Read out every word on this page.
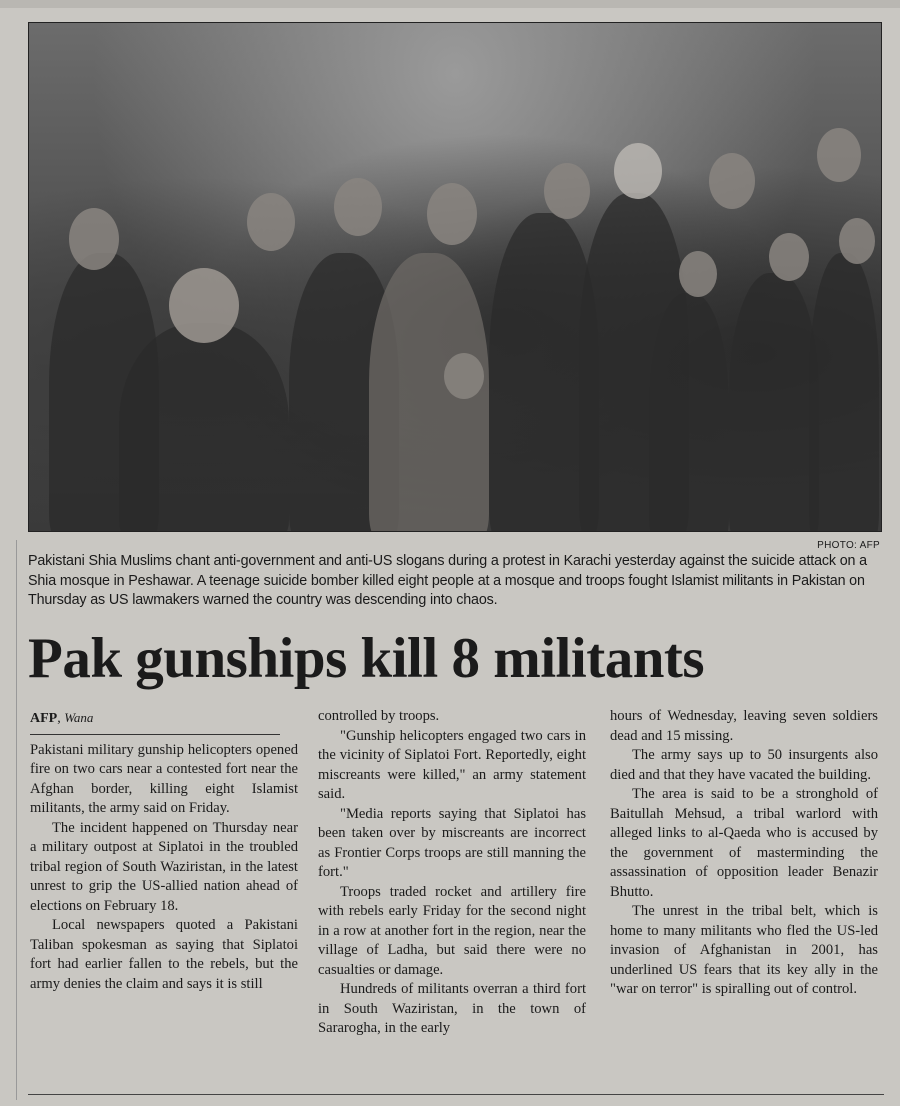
PHOTO: AFP
Pakistani Shia Muslims chant anti-government and anti-US slogans during a protest in Karachi yesterday against the suicide attack on a Shia mosque in Peshawar. A teenage suicide bomber killed eight people at a mosque and troops fought Islamist militants in Pakistan on Thursday as US lawmakers warned the country was descending into chaos.
Pak gunships kill 8 militants
AFP, Wana

Pakistani military gunship helicopters opened fire on two cars near a contested fort near the Afghan border, killing eight Islamist militants, the army said on Friday.

The incident happened on Thursday near a military outpost at Siplatoi in the troubled tribal region of South Waziristan, in the latest unrest to grip the US-allied nation ahead of elections on February 18.

Local newspapers quoted a Pakistani Taliban spokesman as saying that Siplatoi fort had earlier fallen to the rebels, but the army denies the claim and says it is still

controlled by troops.

"Gunship helicopters engaged two cars in the vicinity of Siplatoi Fort. Reportedly, eight miscreants were killed," an army statement said.

"Media reports saying that Siplatoi has been taken over by miscreants are incorrect as Frontier Corps troops are still manning the fort."

Troops traded rocket and artillery fire with rebels early Friday for the second night in a row at another fort in the region, near the village of Ladha, but said there were no casualties or damage.

Hundreds of militants overran a third fort in South Waziristan, in the town of Sararogha, in the early

hours of Wednesday, leaving seven soldiers dead and 15 missing.

The army says up to 50 insurgents also died and that they have vacated the building.

The area is said to be a stronghold of Baitullah Mehsud, a tribal warlord with alleged links to al-Qaeda who is accused by the government of masterminding the assassination of opposition leader Benazir Bhutto.

The unrest in the tribal belt, which is home to many militants who fled the US-led invasion of Afghanistan in 2001, has underlined US fears that its key ally in the "war on terror" is spiralling out of control.
